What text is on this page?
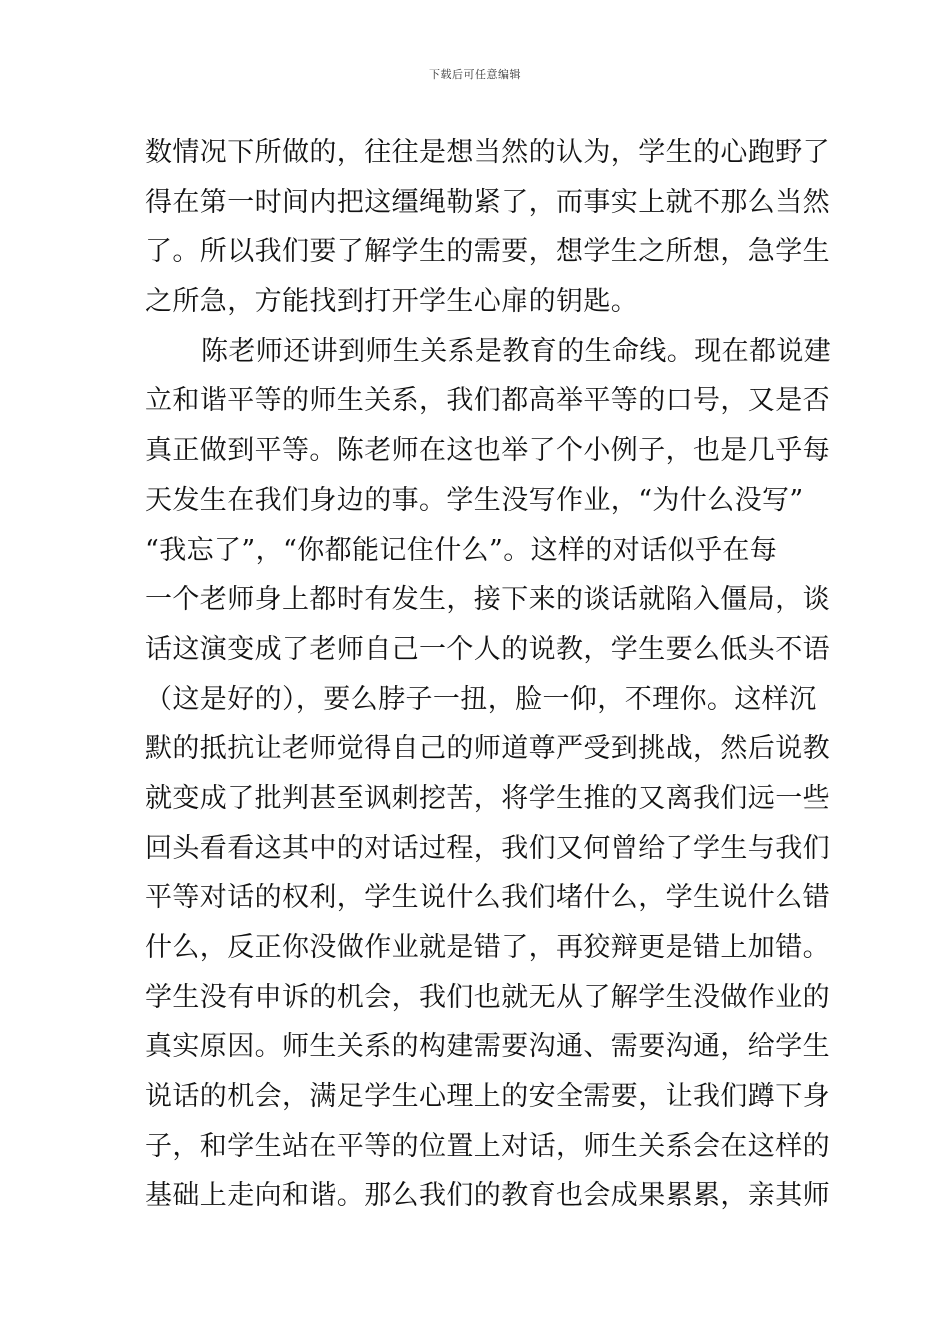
下载后可任意编辑
数情况下所做的，往往是想当然的认为，学生的心跑野了
得在第一时间内把这缰绳勒紧了，而事实上就不那么当然
了。所以我们要了解学生的需要，想学生之所想，急学生
之所急，方能找到打开学生心扉的钥匙。
陈老师还讲到师生关系是教育的生命线。现在都说建
立和谐平等的师生关系，我们都高举平等的口号，又是否
真正做到平等。陈老师在这也举了个小例子，也是几乎每
天发生在我们身边的事。学生没写作业，“为什么没写”
“我忘了”，“你都能记住什么”。这样的对话似乎在每
一个老师身上都时有发生，接下来的谈话就陷入僵局，谈
话这演变成了老师自己一个人的说教，学生要么低头不语
（这是好的），要么脖子一扭，脸一仰，不理你。这样沉
默的抵抗让老师觉得自己的师道尊严受到挑战，然后说教
就变成了批判甚至讽刺挖苦，将学生推的又离我们远一些
回头看看这其中的对话过程，我们又何曾给了学生与我们
平等对话的权利，学生说什么我们堵什么，学生说什么错
什么，反正你没做作业就是错了，再狡辩更是错上加错。
学生没有申诉的机会，我们也就无从了解学生没做作业的
真实原因。师生关系的构建需要沟通、需要沟通，给学生
说话的机会，满足学生心理上的安全需要，让我们蹲下身
子，和学生站在平等的位置上对话，师生关系会在这样的
基础上走向和谐。那么我们的教育也会成果累累，亲其师
